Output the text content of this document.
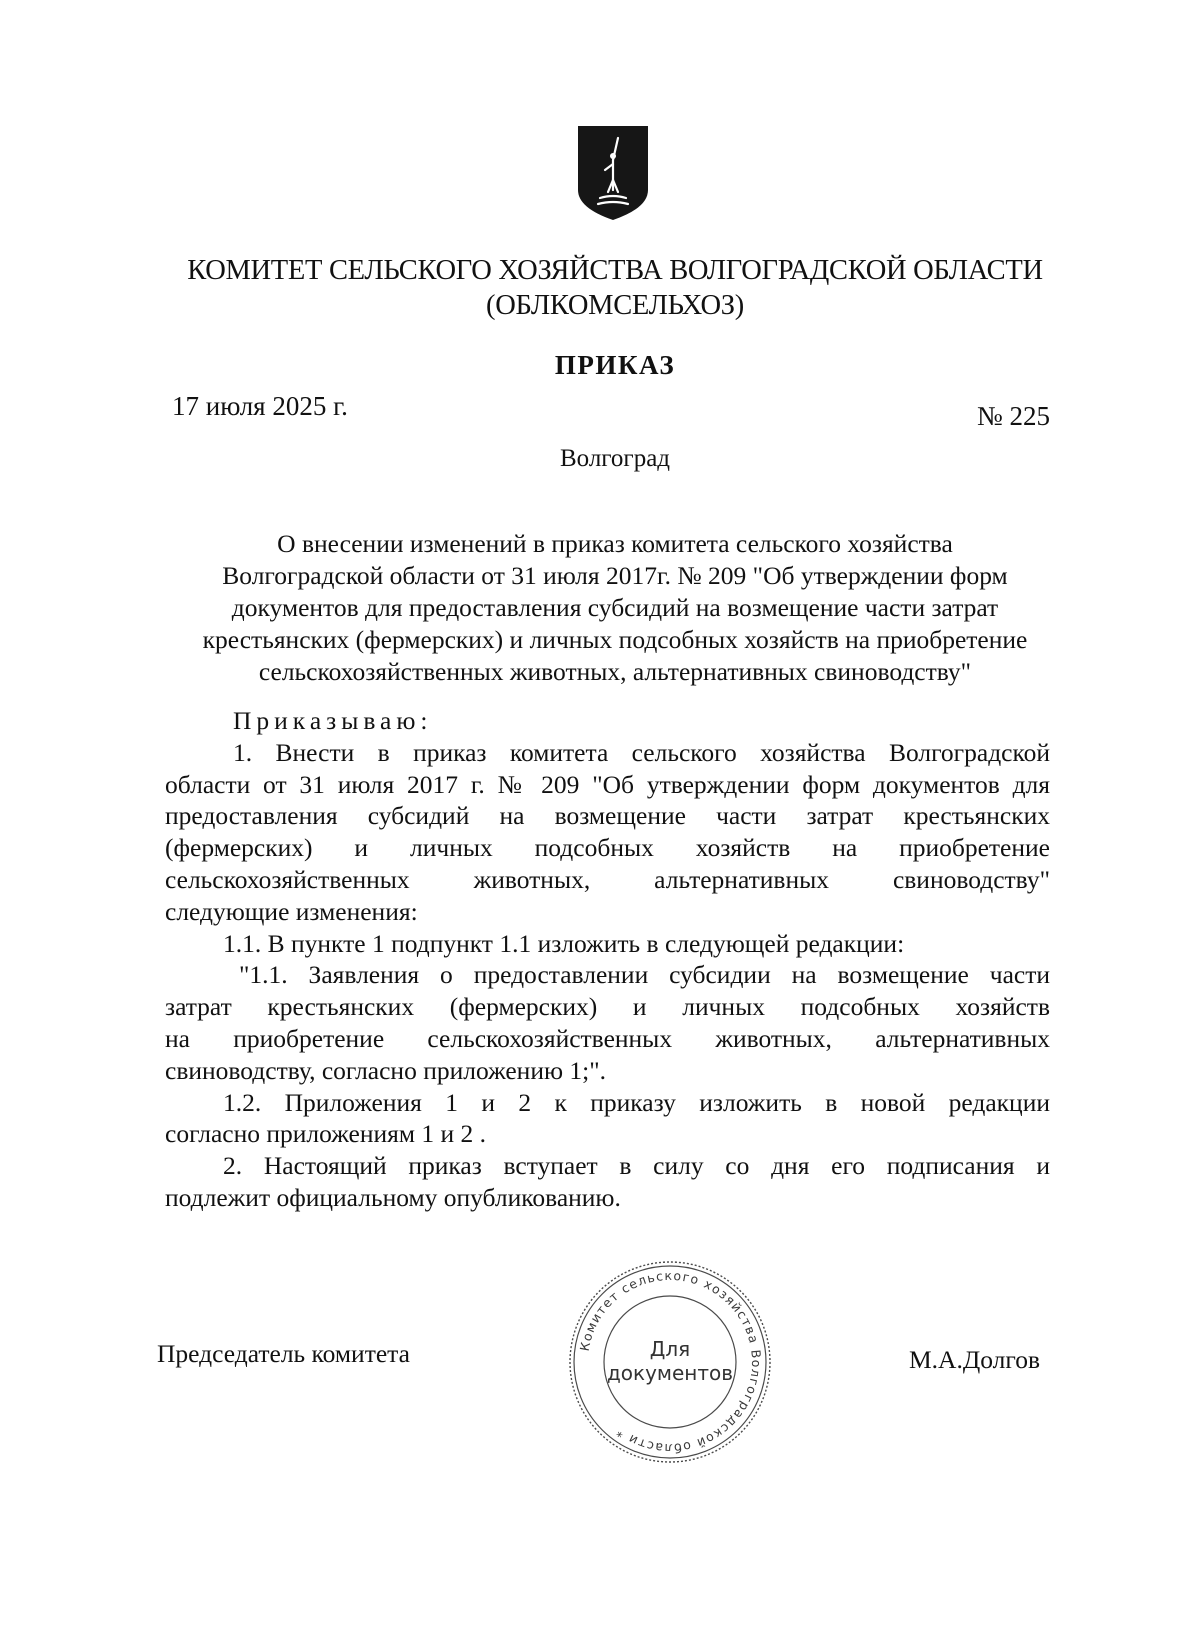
КОМИТЕТ СЕЛЬСКОГО ХОЗЯЙСТВА ВОЛГОГРАДСКОЙ ОБЛАСТИ
(ОБЛКОМСЕЛЬХОЗ)
ПРИКАЗ
17 июля 2025 г.	№ 225
Волгоград
О внесении изменений в приказ комитета сельского хозяйства
Волгоградской области от 31 июля 2017г. № 209 "Об утверждении форм
документов для предоставления субсидий на возмещение части затрат
крестьянских (фермерских) и личных подсобных хозяйств на приобретение
сельскохозяйственных животных, альтернативных свиноводству"
Приказываю:
1. Внести в приказ комитета сельского хозяйства Волгоградской
области от 31 июля 2017 г. № 209 "Об утверждении форм документов для
предоставления субсидий на возмещение части затрат крестьянских
(фермерских) и личных подсобных хозяйств на приобретение
сельскохозяйственных животных, альтернативных свиноводству"
следующие изменения:
1.1. В пункте 1 подпункт 1.1 изложить в следующей редакции:
"1.1. Заявления о предоставлении субсидии на возмещение части
затрат крестьянских (фермерских) и личных подсобных хозяйств
на приобретение сельскохозяйственных животных, альтернативных
свиноводству, согласно приложению 1;".
1.2. Приложения 1 и 2 к приказу изложить в новой редакции
согласно приложениям 1 и 2 .
2. Настоящий приказ вступает в силу со дня его подписания и
подлежит официальному опубликованию.
Председатель комитета	М.А.Долгов
Комитет сельского хозяйства Волгоградской области *
Для
документов
